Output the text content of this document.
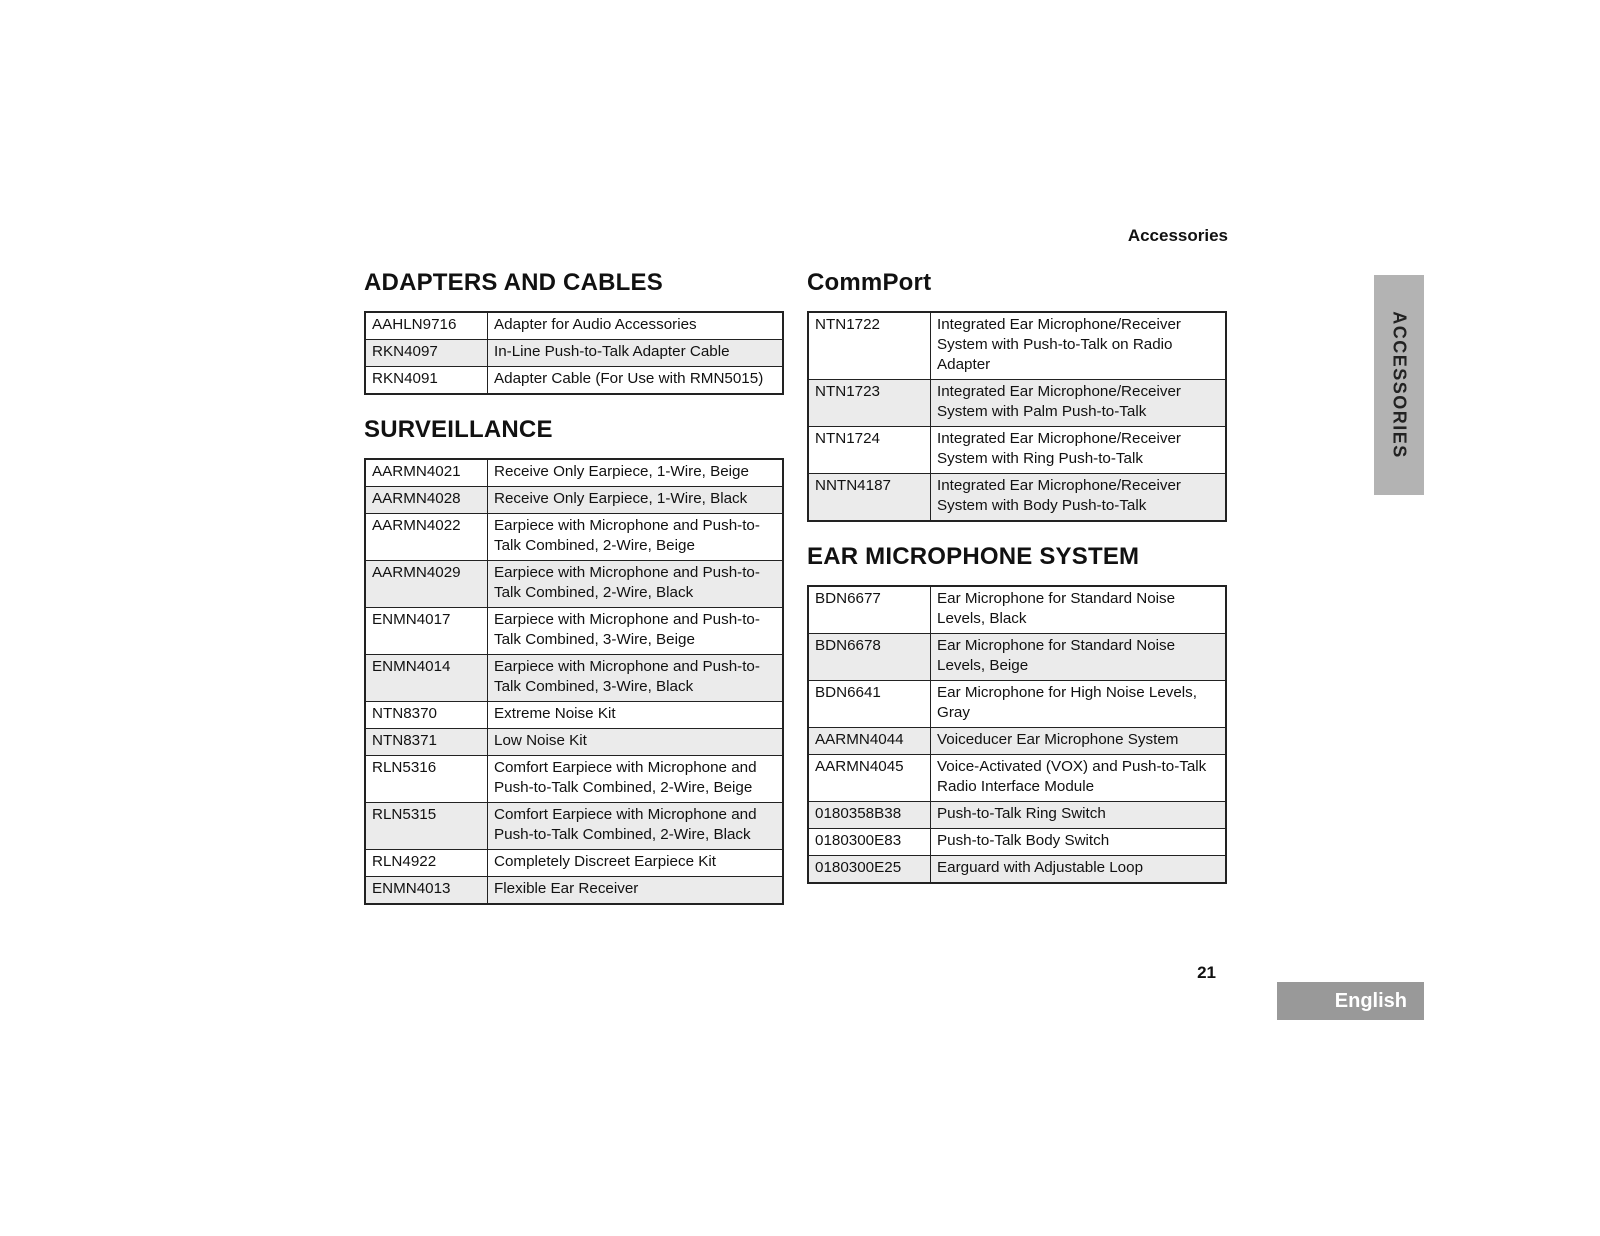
Accessories
ADAPTERS AND CABLES
AAHLN9716	Adapter for Audio Accessories
RKN4097	In-Line Push-to-Talk Adapter Cable
RKN4091	Adapter Cable (For Use with RMN5015)
SURVEILLANCE
AARMN4021	Receive Only Earpiece, 1-Wire, Beige
AARMN4028	Receive Only Earpiece, 1-Wire, Black
AARMN4022	Earpiece with Microphone and Push-to-Talk Combined, 2-Wire, Beige
AARMN4029	Earpiece with Microphone and Push-to-Talk Combined, 2-Wire, Black
ENMN4017	Earpiece with Microphone and Push-to-Talk Combined, 3-Wire, Beige
ENMN4014	Earpiece with Microphone and Push-to-Talk Combined, 3-Wire, Black
NTN8370	Extreme Noise Kit
NTN8371	Low Noise Kit
RLN5316	Comfort Earpiece with Microphone and Push-to-Talk Combined, 2-Wire, Beige
RLN5315	Comfort Earpiece with Microphone and Push-to-Talk Combined, 2-Wire, Black
RLN4922	Completely Discreet Earpiece Kit
ENMN4013	Flexible Ear Receiver
CommPort
NTN1722	Integrated Ear Microphone/Receiver System with Push-to-Talk on Radio Adapter
NTN1723	Integrated Ear Microphone/Receiver System with Palm Push-to-Talk
NTN1724	Integrated Ear Microphone/Receiver System with Ring Push-to-Talk
NNTN4187	Integrated Ear Microphone/Receiver System with Body Push-to-Talk
EAR MICROPHONE SYSTEM
BDN6677	Ear Microphone for Standard Noise Levels, Black
BDN6678	Ear Microphone for Standard Noise Levels, Beige
BDN6641	Ear Microphone for High Noise Levels, Gray
AARMN4044	Voiceducer Ear Microphone System
AARMN4045	Voice-Activated (VOX) and Push-to-Talk Radio Interface Module
0180358B38	Push-to-Talk Ring Switch
0180300E83	Push-to-Talk Body Switch
0180300E25	Earguard with Adjustable Loop
ACCESSORIES
21
English
